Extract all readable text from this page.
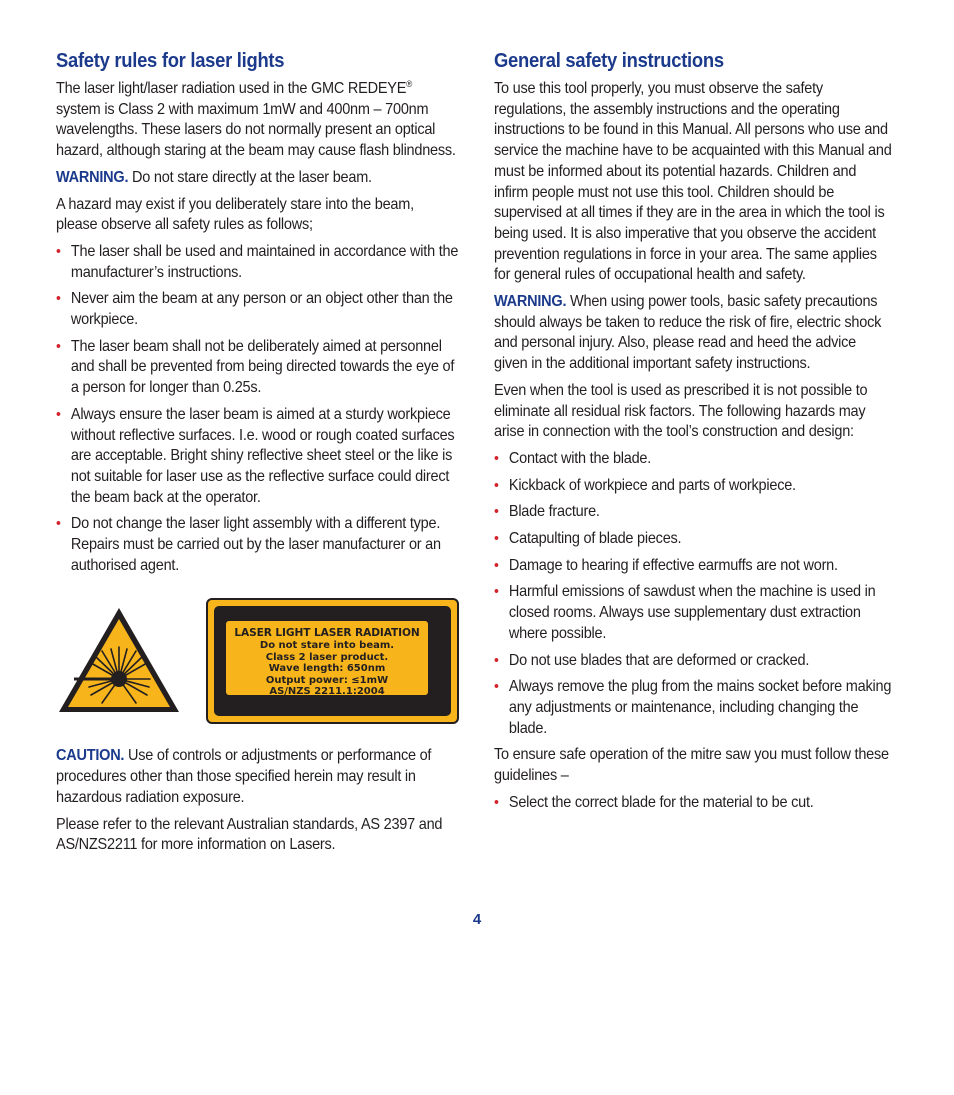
Safety rules for laser lights

The laser light/laser radiation used in the GMC REDEYE® system is Class 2 with maximum 1mW and 400nm – 700nm wavelengths. These lasers do not normally present an optical hazard, although staring at the beam may cause flash blindness.

WARNING. Do not stare directly at the laser beam.

A hazard may exist if you deliberately stare into the beam, please observe all safety rules as follows;

• The laser shall be used and maintained in accordance with the manufacturer’s instructions.
• Never aim the beam at any person or an object other than the workpiece.
• The laser beam shall not be deliberately aimed at personnel and shall be prevented from being directed towards the eye of a person for longer than 0.25s.
• Always ensure the laser beam is aimed at a sturdy workpiece without reflective surfaces. I.e. wood or rough coated surfaces are acceptable. Bright shiny reflective sheet steel or the like is not suitable for laser use as the reflective surface could direct the beam back at the operator.
• Do not change the laser light assembly with a different type. Repairs must be carried out by the laser manufacturer or an authorised agent.
LASER LIGHT LASER RADIATION
Do not stare into beam.
Class 2 laser product.
Wave length: 650nm
Output power: ≤1mW
AS/NZS 2211.1:2004

CAUTION. Use of controls or adjustments or performance of procedures other than those specified herein may result in hazardous radiation exposure.

Please refer to the relevant Australian standards, AS 2397 and AS/NZS2211 for more information on Lasers.

General safety instructions

To use this tool properly, you must observe the safety regulations, the assembly instructions and the operating instructions to be found in this Manual. All persons who use and service the machine have to be acquainted with this Manual and must be informed about its potential hazards. Children and infirm people must not use this tool. Children should be supervised at all times if they are in the area in which the tool is being used. It is also imperative that you observe the accident prevention regulations in force in your area. The same applies for general rules of occupational health and safety.

WARNING. When using power tools, basic safety precautions should always be taken to reduce the risk of fire, electric shock and personal injury. Also, please read and heed the advice given in the additional important safety instructions.

Even when the tool is used as prescribed it is not possible to eliminate all residual risk factors. The following hazards may arise in connection with the tool’s construction and design:

• Contact with the blade.
• Kickback of workpiece and parts of workpiece.
• Blade fracture.
• Catapulting of blade pieces.
• Damage to hearing if effective earmuffs are not worn.
• Harmful emissions of sawdust when the machine is used in closed rooms. Always use supplementary dust extraction where possible.
• Do not use blades that are deformed or cracked.
• Always remove the plug from the mains socket before making any adjustments or maintenance, including changing the blade.

To ensure safe operation of the mitre saw you must follow these guidelines –

• Select the correct blade for the material to be cut.
4
